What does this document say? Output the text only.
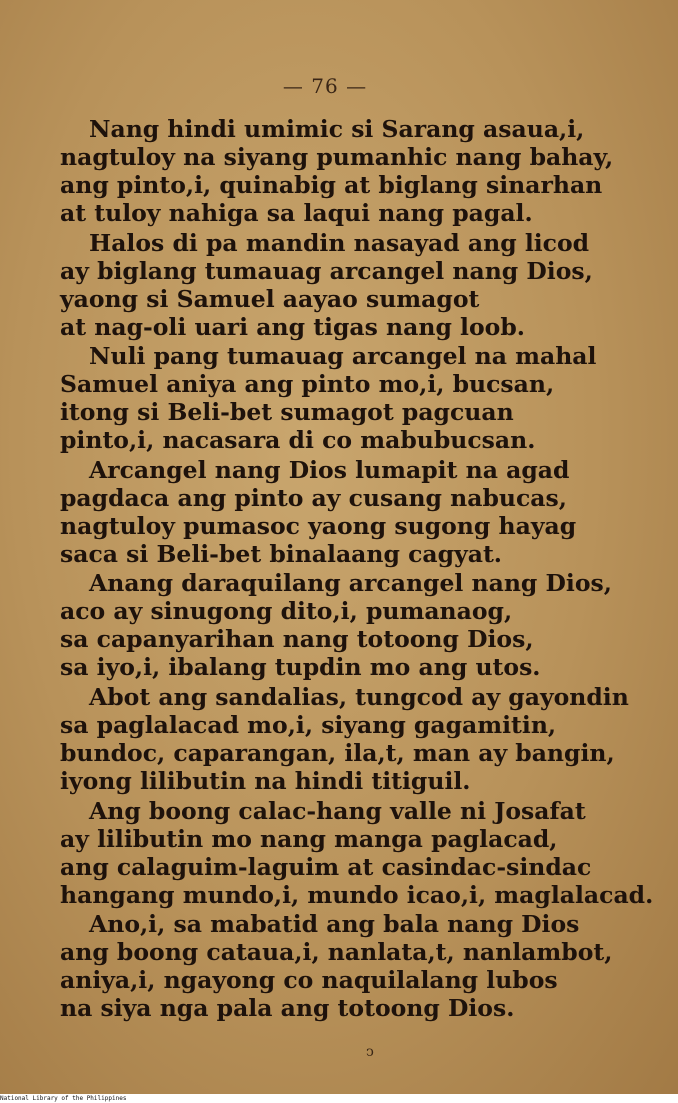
— 76 —
Nang hindi umimic si Sarang asaua,i,
nagtuloy na siyang pumanhic nang bahay,
ang pinto,i, quinabig at biglang sinarhan
at tuloy nahiga sa laqui nang pagal.
Halos di pa mandin nasayad ang licod
ay biglang tumauag arcangel nang Dios,
yaong si Samuel aayao sumagot
at nag-oli uari ang tigas nang loob.
Nuli pang tumauag arcangel na mahal
Samuel aniya ang pinto mo,i, bucsan,
itong si Beli-bet sumagot pagcuan
pinto,i, nacasara di co mabubucsan.
Arcangel nang Dios lumapit na agad
pagdaca ang pinto ay cusang nabucas,
nagtuloy pumasoc yaong sugong hayag
saca si Beli-bet binalaang cagyat.
Anang daraquilang arcangel nang Dios,
aco ay sinugong dito,i, pumanaog,
sa capanyarihan nang totoong Dios,
sa iyo,i, ibalang tupdin mo ang utos.
Abot ang sandalias, tungcod ay gayondin
sa paglalacad mo,i, siyang gagamitin,
bundoc, caparangan, ila,t, man ay bangin,
iyong lilibutin na hindi titiguil.
Ang boong calac-hang valle ni Josafat
ay lilibutin mo nang manga paglacad,
ang calaguim-laguim at casindac-sindac
hangang mundo,i, mundo icao,i, maglalacad.
Ano,i, sa mabatid ang bala nang Dios
ang boong cataua,i, nanlata,t, nanlambot,
aniya,i, ngayong co naquilalang lubos
na siya nga pala ang totoong Dios.
ↄ
National Library of the Philippines
